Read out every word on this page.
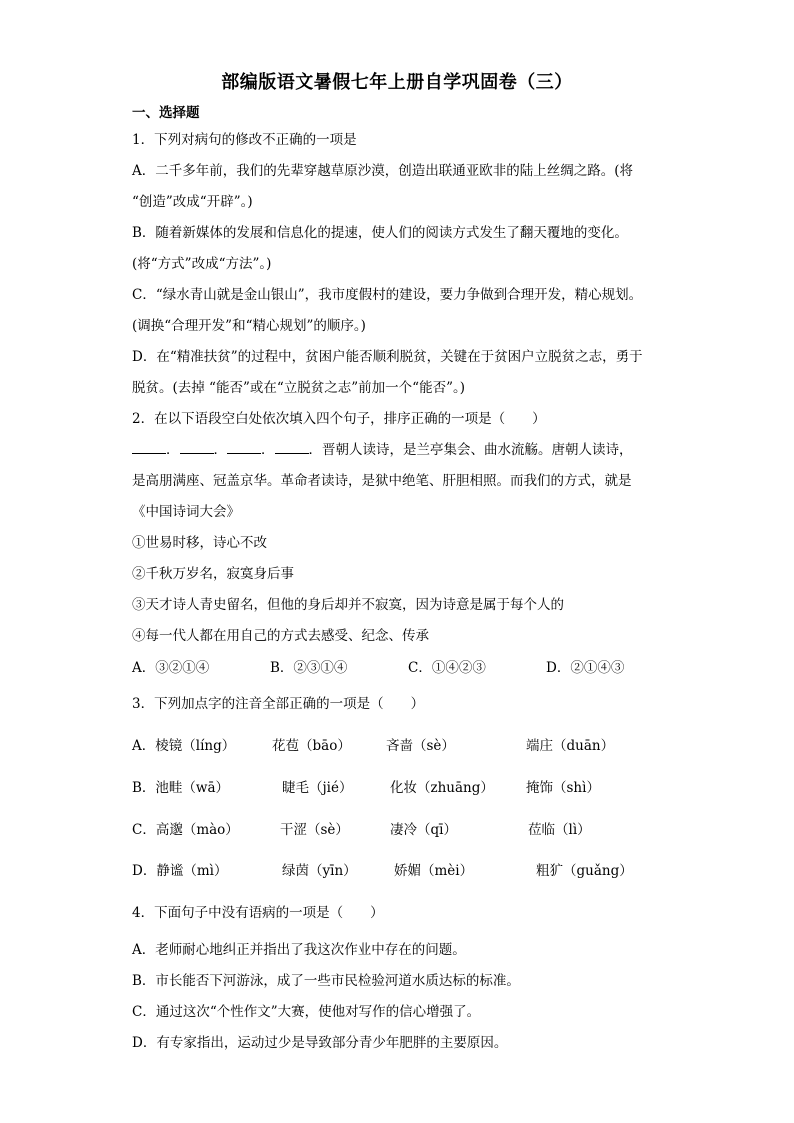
部编版语文暑假七年上册自学巩固卷（三）
一、选择题
1．下列对病句的修改不正确的一项是
A．二千多年前，我们的先辈穿越草原沙漠，创造出联通亚欧非的陆上丝绸之路。(将
“创造”改成“开辟”。)
B．随着新媒体的发展和信息化的提速，使人们的阅读方式发生了翻天覆地的变化。
(将“方式”改成“方法”。)
C．“绿水青山就是金山银山”，我市度假村的建设，要力争做到合理开发，精心规划。
(调换“合理开发”和“精心规划”的顺序。)
D．在“精准扶贫”的过程中，贫困户能否顺利脱贫，关键在于贫困户立脱贫之志，勇于
脱贫。(去掉 “能否”或在“立脱贫之志”前加一个“能否”。)
2．在以下语段空白处依次填入四个句子，排序正确的一项是（　　）
．	．	．	．晋朝人读诗，是兰亭集会、曲水流觞。唐朝人读诗，
是高朋满座、冠盖京华。革命者读诗，是狱中绝笔、肝胆相照。而我们的方式，就是
《中国诗词大会》
①世易时移，诗心不改
②千秋万岁名，寂寞身后事
③天才诗人青史留名，但他的身后却并不寂寞，因为诗意是属于每个人的
④每一代人都在用自己的方式去感受、纪念、传承
A．③②①④	B．②③①④	C．①④②③	D．②①④③
3．下列加点字的注音全部正确的一项是（　　）
A．棱镜（líng）	花苞（bāo）	吝啬（sè）	端庄（duān）
B．池畦（wā）	睫毛（jié）	化妆（zhuāng） 掩饰（shì）
C．高邈（mào）	干涩（sè）	凄冷（qī）	莅临（lì）
D．静谧（mì）	绿茵（yīn）	娇媚（mèi）	粗犷（guǎng）
4．下面句子中没有语病的一项是（　　）
A．老师耐心地纠正并指出了我这次作业中存在的问题。
B．市长能否下河游泳，成了一些市民检验河道水质达标的标准。
C．通过这次“个性作文”大赛，使他对写作的信心增强了。
D．有专家指出，运动过少是导致部分青少年肥胖的主要原因。
